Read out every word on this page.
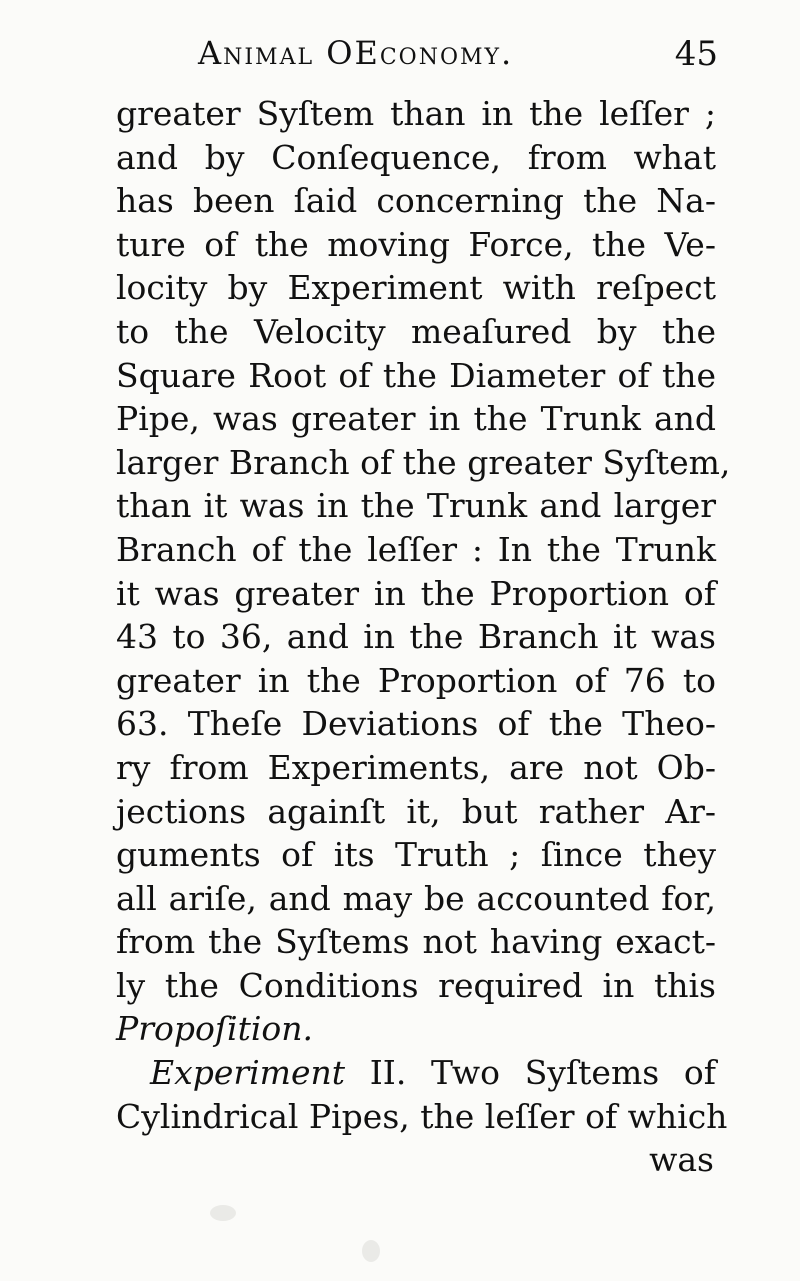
Animal OEconomy.	45
greater Syſtem than in the leſſer ;
and by Conſequence, from what
has been ſaid concerning the Na-
ture of the moving Force, the Ve-
locity by Experiment with reſpect
to the Velocity meaſured by the
Square Root of the Diameter of the
Pipe, was greater in the Trunk and
larger Branch of the greater Syſtem,
than it was in the Trunk and larger
Branch of the leſſer : In the Trunk
it was greater in the Proportion of
43 to 36, and in the Branch it was
greater in the Proportion of 76 to
63. Theſe Deviations of the Theo-
ry from Experiments, are not Ob-
jections againſt it, but rather Ar-
guments of its Truth ; ſince they
all ariſe, and may be accounted for,
from the Syſtems not having exact-
ly the Conditions required in this
Propoſition.
Experiment II. Two Syſtems of
Cylindrical Pipes, the leſſer of which
was
